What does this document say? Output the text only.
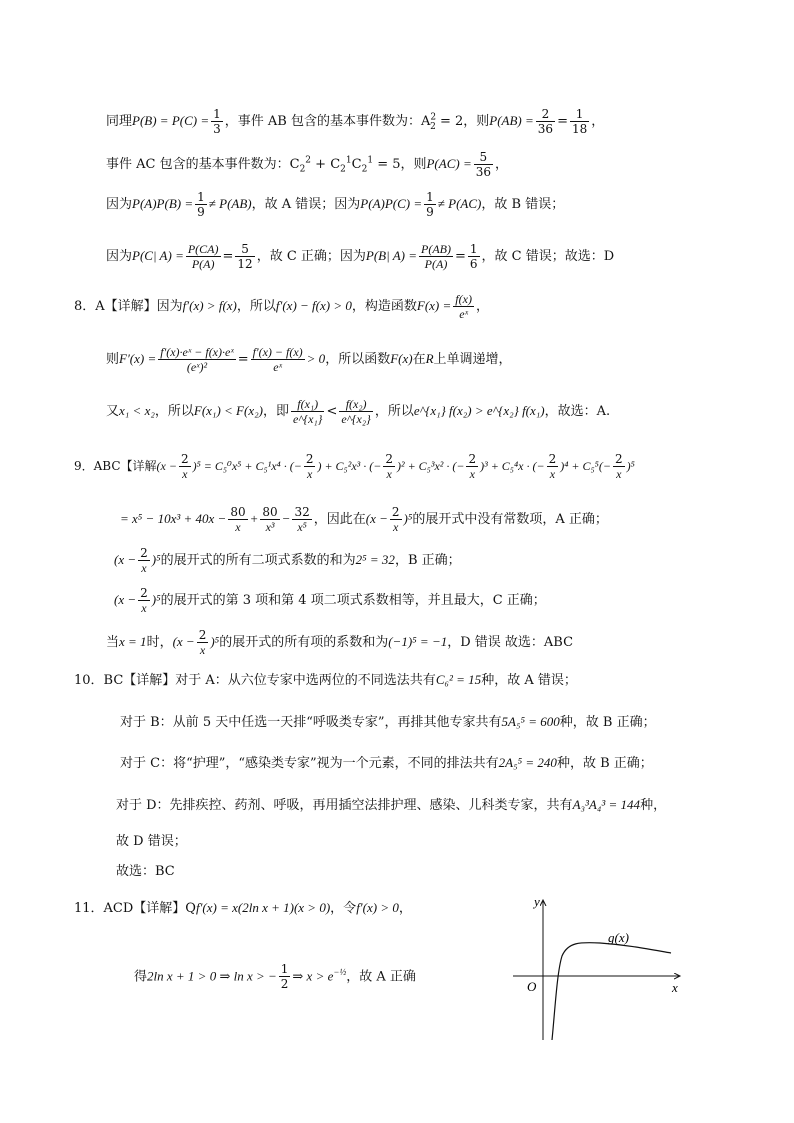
同理$P(B) = P(C) = \frac{1}{3}$ ，事件 AB 包含的基本事件数为：$A^2_2 = 2$，则$P(AB) = \frac{2}{36} = \frac{1}{18}$ ，
事件 AC 包含的基本事件数为：$C_2^2 + C_2^1C_2^1 = 5$，则$P(AC) = \frac{5}{36}$ ，
因为$P(A)P(B) = \frac{1}{9} \ne P(AB)$，故 A 错误；因为$P(A)P(C) = \frac{1}{9} \ne P(AC)$，故 B 错误；
因为P(C| $A) = \frac{P(CA)}{P(A)} = \frac{5}{12}$ ，故 C 正确；因为P(B| $A) = \frac{P(AB)}{P(A)} = \frac{1}{6}$ ，故 C 错误；故选：D
8．A【详解】因为f′(x) > f(x)，所以f′(x) − f(x) > 0，构造函数$F(x) = \frac{f(x)}{\text{eˣ}}$ ，
则$F'(x) = \frac{\text{f′(x)·eˣ − f(x)·eˣ}}{\text{(eˣ)²}} = \frac{f'(x) - f(x)}{\text{eˣ}} > 0$，所以函数F(x)在R上单调递增，
又x₁ < x₂，所以F(x₁) < F(x₂)，即 $\frac{\text{f(x₁)}}{\text{e\textasciicircum{}\{x₁\}}} < \frac{\text{f(x₂)}}{\text{e\textasciicircum{}\{x₂\}}}$ ，所以e^{x₁} f(x₂) > e^{x₂} f(x₁)，故选：A.
9．ABC【详解$(x - \frac{2}{x} )^5 = C_5^0x^5 + C_5^1x^4$ · (− $\frac{2}{x}$ ) + C₅²x³ · (− $\frac{2}{x} )^2 + C_5^3x^2$ · (− $\frac{2}{x} )^3 + C_5^4x$ · (− $\frac{2}{x} )^4 + C_5^5(- \frac{2}{x} )^5$
= $x^5 - 10x^3 + 40x - \frac{80}{x} + \frac{80}{\text{x³}} - \frac{32}{\text{x⁵}}$ ，因此在$(x - \frac{2}{x} )^5$的展开式中没有常数项，A 正确；
$(x - \frac{2}{x} )^5$的展开式的所有二项式系数的和为2⁵ = 32，B 正确；
$(x - \frac{2}{x} )^5$的展开式的第 3 项和第 4 项二项式系数相等，并且最大，C 正确；
当x = 1时，$(x - \frac{2}{x} )^5$的展开式的所有项的系数和为(−1)⁵ = −1，D 错误 故选：ABC
10．BC【详解】对于 A：从六位专家中选两位的不同选法共有C₆² = 15种，故 A 错误；
对于 B：从前 5 天中任选一天排“呼吸类专家”，再排其他专家共有5A₅⁵ = 600种，故 B 正确；
对于 C：将“护理”，“感染类专家”视为一个元素，不同的排法共有2A₅⁵ = 240种，故 B 正确；
对于 D：先排疾控、药剂、呼吸，再用插空法排护理、感染、儿科类专家，共有A₃³A₄³ = 144种，
故 D 错误；
故选：BC
11．ACD【详解】Qf′(x) = x(2ln x + 1)(x > 0)，令f′(x) > 0，
得2ln x + 1 > 0 ⇒ ln x > − $\frac{1}{2}$ ⇒ $x > e^{-\frac{1}{2}}$，故 A 正确
y
x
O
g(x)
